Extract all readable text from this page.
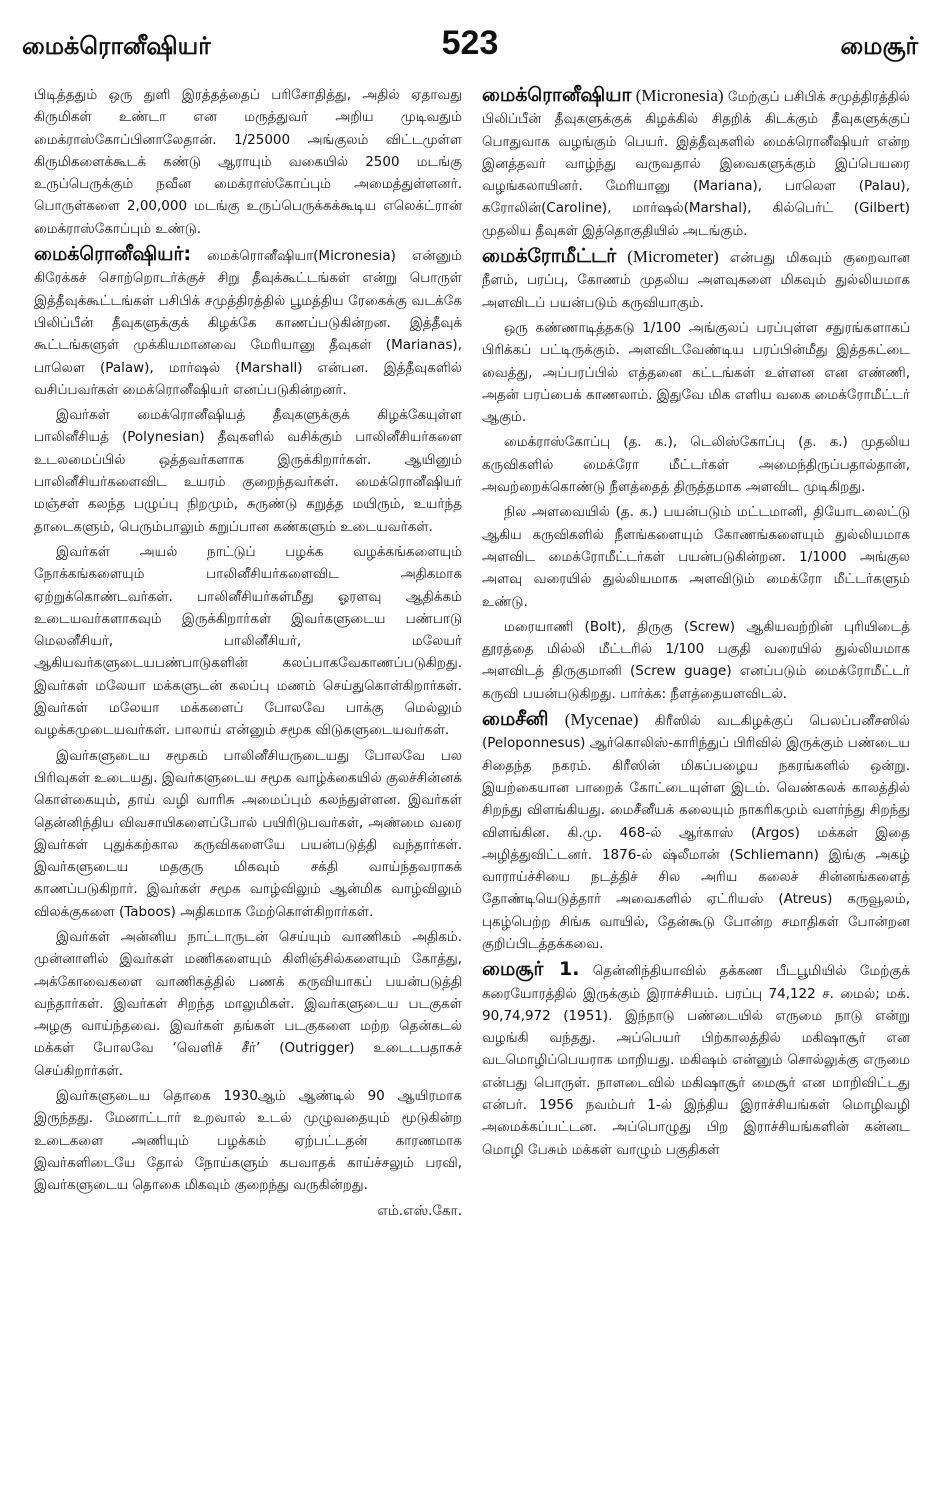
மைக்ரொனீஷியர்	523	மைசூர்

பிடித்ததும் ஒரு துளி இரத்தத்தைப் பரிசோதித்து, அதில் ஏதாவது கிருமிகள் உண்டா என மருத்துவர் அறிய முடிவதும் மைக்ராஸ்கோப்பினாலேதான். 1/25000 அங்குலம் விட்டமுள்ள கிருமிகளைக்கூடக் கண்டு ஆராயும் வகையில் 2500 மடங்கு உருப்பெருக்கும் நவீன மைக்ராஸ்கோப்பும் அமைத்துள்ளனர். பொருள்களை 2,00,000 மடங்கு உருப்பெருக்கக்கூடிய எலெக்ட்ரான் மைக்ராஸ்கோப்பும் உண்டு.

மைக்ரொனீஷியர்: மைக்ரொனீஷியா(Micronesia) என்னும் கிரேக்கச் சொற்றொடர்க்குச் சிறு தீவுக்கூட்டங்கள் என்று பொருள் இத்தீவுக்கூட்டங்கள் பசிபிக் சமுத்திரத்தில் பூமத்திய ரேகைக்கு வடக்கே பிலிப்பீன் தீவுகளுக்குக் கிழக்கே காணப்படுகின்றன. இத்தீவுக் கூட்டங்களுள் முக்கியமானவை மேரியானு தீவுகள் (Marianas), பாலௌ (Palaw), மார்ஷல் (Marshall) என்பன. இத்தீவுகளில் வசிப்பவர்கள் மைக்ரொனீஷியர் எனப்படுகின்றனர்.

இவர்கள் மைக்ரொனீஷியத் தீவுகளுக்குக் கிழக்கேயுள்ள பாலினீசியத் (Polynesian) தீவுகளில் வசிக்கும் பாலினீசியர்களை உடலமைப்பில் ஒத்தவர்களாக இருக்கிறார்கள். ஆயினும் பாலினீசியர்களைவிட உயரம் குறைந்தவர்கள். மைக்ரொனீஷியர் மஞ்சள் கலந்த பழுப்பு நிறமும், சுருண்டு கறுத்த மயிரும், உயர்ந்த தாடைகளும், பெரும்பாலும் கறுப்பான கண்களும் உடையவர்கள்.

இவர்கள் அயல் நாட்டுப் பழக்க வழக்கங்களையும் நோக்கங்களையும் பாலினீசியர்களைவிட அதிகமாக ஏற்றுக்கொண்டவர்கள். பாலினீசியர்கள்மீது ஓரளவு ஆதிக்கம் உடையவர்களாகவும் இருக்கிறார்கள் இவர்களுடைய பண்பாடு மெலனீசியர், பாலினீசியர், மலேயர் ஆகியவர்களுடையபண்பாடுகளின் கலப்பாகவேகாணப்படுகிறது. இவர்கள் மலேயா மக்களுடன் கலப்பு மணம் செய்துகொள்கிறார்கள். இவர்கள் மலேயா மக்களைப் போலவே பாக்கு மெல்லும் வழக்கமுடையவர்கள். பாலாய் என்னும் சமூக விடுகளுடையவர்கள்.

இவர்களுடைய சமூகம் பாலினீசியருடையது போலவே பல பிரிவுகள் உடையது. இவர்களுடைய சமூக வாழ்க்கையில் குலச்சின்னக் கொள்கையும், தாய் வழி வாரிசு அமைப்பும் கலந்துள்ளன. இவர்கள் தென்னிந்திய விவசாயிகளைப்போல் பயிரிடுபவர்கள், அண்மை வரை இவர்கள் புதுக்கற்கால கருவிகளையே பயன்படுத்தி வந்தார்கள். இவர்களுடைய மதகுரு மிகவும் சக்தி வாய்ந்தவராகக் காணப்படுகிறார். இவர்கள் சமூக வாழ்விலும் ஆன்மிக வாழ்விலும் விலக்குகளை (Taboos) அதிகமாக மேற்கொள்கிறார்கள்.

இவர்கள் அன்னிய நாட்டாருடன் செய்யும் வாணிகம் அதிகம். முன்னாளில் இவர்கள் மணிகளையும் கிளிஞ்சில்களையும் கோத்து, அக்கோவைகளை வாணிகத்தில் பணக் கருவியாகப் பயன்படுத்தி வந்தார்கள். இவர்கள் சிறந்த மாலுமிகள். இவர்களுடைய படகுகள் அழகு வாய்ந்தவை. இவர்கள் தங்கள் படகுகளை மற்ற தென்கடல் மக்கள் போலவே ‘வெளிச் சீர்’ (Outrigger) உடைடபதாகச் செய்கிறார்கள்.

இவர்களுடைய தொகை 1930ஆம் ஆண்டில் 90 ஆயிரமாக இருந்தது. மேனாட்டார் உறவால் உடல் முழுவதையும் மூடுகின்ற உடைகளை அணியும் பழக்கம் ஏற்பட்டதன் காரணமாக இவர்களிடையே தோல் நோய்களும் கபவாதக் காய்ச்சலும் பரவி, இவர்களுடைய தொகை மிகவும் குறைந்து வருகின்றது.

எம்.எஸ்.கோ.

மைக்ரொனீஷியா (Micronesia) மேற்குப் பசிபிக் சமுத்திரத்தில் பிலிப்பீன் தீவுகளுக்குக் கிழக்கில் சிதறிக் கிடக்கும் தீவுகளுக்குப் பொதுவாக வழங்கும் பெயர். இத்தீவுகளில் மைக்ரொனீஷியர் என்ற இனத்தவர் வாழ்ந்து வருவதால் இவைகளுக்கும் இப்பெயரை வழங்கலாயினர். மேரியானு (Mariana), பாலௌ (Palau), கரோலின்(Caroline), மார்ஷல்(Marshal), கில்பெர்ட் (Gilbert) முதலிய தீவுகள் இத்தொகுதியில் அடங்கும்.

மைக்ரோமீட்டர் (Micrometer) என்பது மிகவும் குறைவான நீளம், பரப்பு, கோணம் முதலிய அளவுகளை மிகவும் துல்லியமாக அளவிடப் பயன்படும் கருவியாகும்.

ஒரு கண்ணாடித்தகடு 1/100 அங்குலப் பரப்புள்ள சதுரங்களாகப் பிரிக்கப் பட்டிருக்கும். அளவிடவேண்டிய பரப்பின்மீது இத்தகட்டை வைத்து, அப்பரப்பில் எத்தனை கட்டங்கள் உள்ளன என எண்ணி, அதன் பரப்பைக் காணலாம். இதுவே மிக எளிய வகை மைக்ரோமீட்டர் ஆகும்.

மைக்ராஸ்கோப்பு (த. க.), டெலிஸ்கோப்பு (த. க.) முதலிய கருவிகளில் மைக்ரோ மீட்டர்கள் அமைந்திருப்பதால்தான், அவற்றைக்கொண்டு நீளத்தைத் திருத்தமாக அளவிட முடிகிறது.

நில அளவையில் (த. க.) பயன்படும் மட்டமானி, தியோடலைட்டு ஆகிய கருவிகளில் நீளங்களையும் கோணங்களையும் துல்லியமாக அளவிட மைக்ரோமீட்டர்கள் பயன்படுகின்றன. 1/1000 அங்குல அளவு வரையில் துல்லியமாக அளவிடும் மைக்ரோ மீட்டர்களும் உண்டு.

மரையாணி (Bolt), திருகு (Screw) ஆகியவற்றின் புரியிடைத் தூரத்தை மில்லி மீட்டரில் 1/100 பகுதி வரையில் துல்லியமாக அளவிடத் திருகுமானி (Screw guage) எனப்படும் மைக்ரோமீட்டர் கருவி பயன்படுகிறது. பார்க்க: நீளத்தையளவிடல்.

மைசீனி (Mycenae) கிரீஸில் வடகிழக்குப் பெலப்பனீசஸில் (Peloponnesus) ஆர்கொலிஸ்-காரிந்துப் பிரிவில் இருக்கும் பண்டைய சிதைந்த நகரம். கிரீஸின் மிகப்பழைய நகரங்களில் ஒன்று. இயற்கையான பாறைக் கோட்டையுள்ள இடம். வெண்கலக் காலத்தில் சிறந்து விளங்கியது. மைசீனீயக் கலையும் நாகரிகமும் வளர்ந்து சிறந்து விளங்கின. கி.மு. 468-ல் ஆர்காஸ் (Argos) மக்கள் இதை அழித்துவிட்டனர். 1876-ல் ஷ்லீமான் (Schliemann) இங்கு அகழ் வாராய்ச்சியை நடத்திச் சில அரிய கலைச் சின்னங்களைத் தோண்டியெடுத்தார் அவைகளில் ஏட்ரியஸ் (Atreus) கருவூலம், புகழ்பெற்ற சிங்க வாயில், தேன்கூடு போன்ற சமாதிகள் போன்றன குறிப்பிடத்தக்கவை.

மைசூர் 1. தென்னிந்தியாவில் தக்கண பீடபூமியில் மேற்குக் கரையோரத்தில் இருக்கும் இராச்சியம். பரப்பு 74,122 ச. மைல்; மக். 90,74,972 (1951). இந்நாடு பண்டையில் எருமை நாடு என்று வழங்கி வந்தது. அப்பெயர் பிற்காலத்தில் மகிஷாசூர் என வடமொழிப்பெயராக மாறியது. மகிஷம் என்னும் சொல்லுக்கு எருமை என்பது பொருள். நாளடைவில் மகிஷாசூர் மைசூர் என மாறிவிட்டது என்பர். 1956 நவம்பர் 1-ல் இந்திய இராச்சியங்கள் மொழிவழி அமைக்கப்பட்டன. அப்பொழுது பிற இராச்சியங்களின் கன்னட மொழி பேசும் மக்கள் வாழும் பகுதிகள்
